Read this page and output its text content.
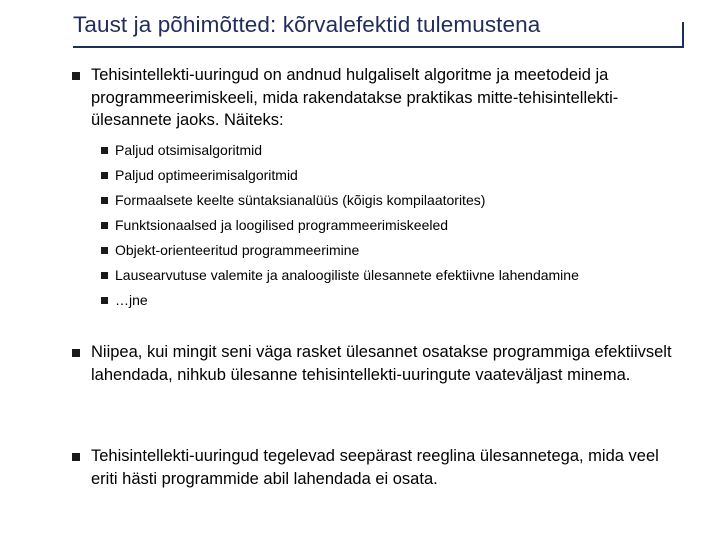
Taust ja põhimõtted: kõrvalefektid tulemustena
Tehisintellekti-uuringud on andnud hulgaliselt algoritme ja meetodeid ja programmeerimiskeeli, mida rakendatakse praktikas mitte-tehisintellekti-ülesannete jaoks. Näiteks:
Paljud otsimisalgoritmid
Paljud optimeerimisalgoritmid
Formaalsete keelte süntaksianalüüs (kõigis kompilaatorites)
Funktsionaalsed ja loogilised programmeerimiskeeled
Objekt-orienteeritud programmeerimine
Lausearvutuse valemite ja analoogiliste ülesannete efektiivne lahendamine
…jne
Niipea, kui mingit seni väga rasket ülesannet osatakse programmiga efektiivselt lahendada, nihkub ülesanne tehisintellekti-uuringute vaateväljast minema.
Tehisintellekti-uuringud tegelevad seepärast reeglina ülesannetega, mida veel eriti hästi programmide abil lahendada ei osata.
